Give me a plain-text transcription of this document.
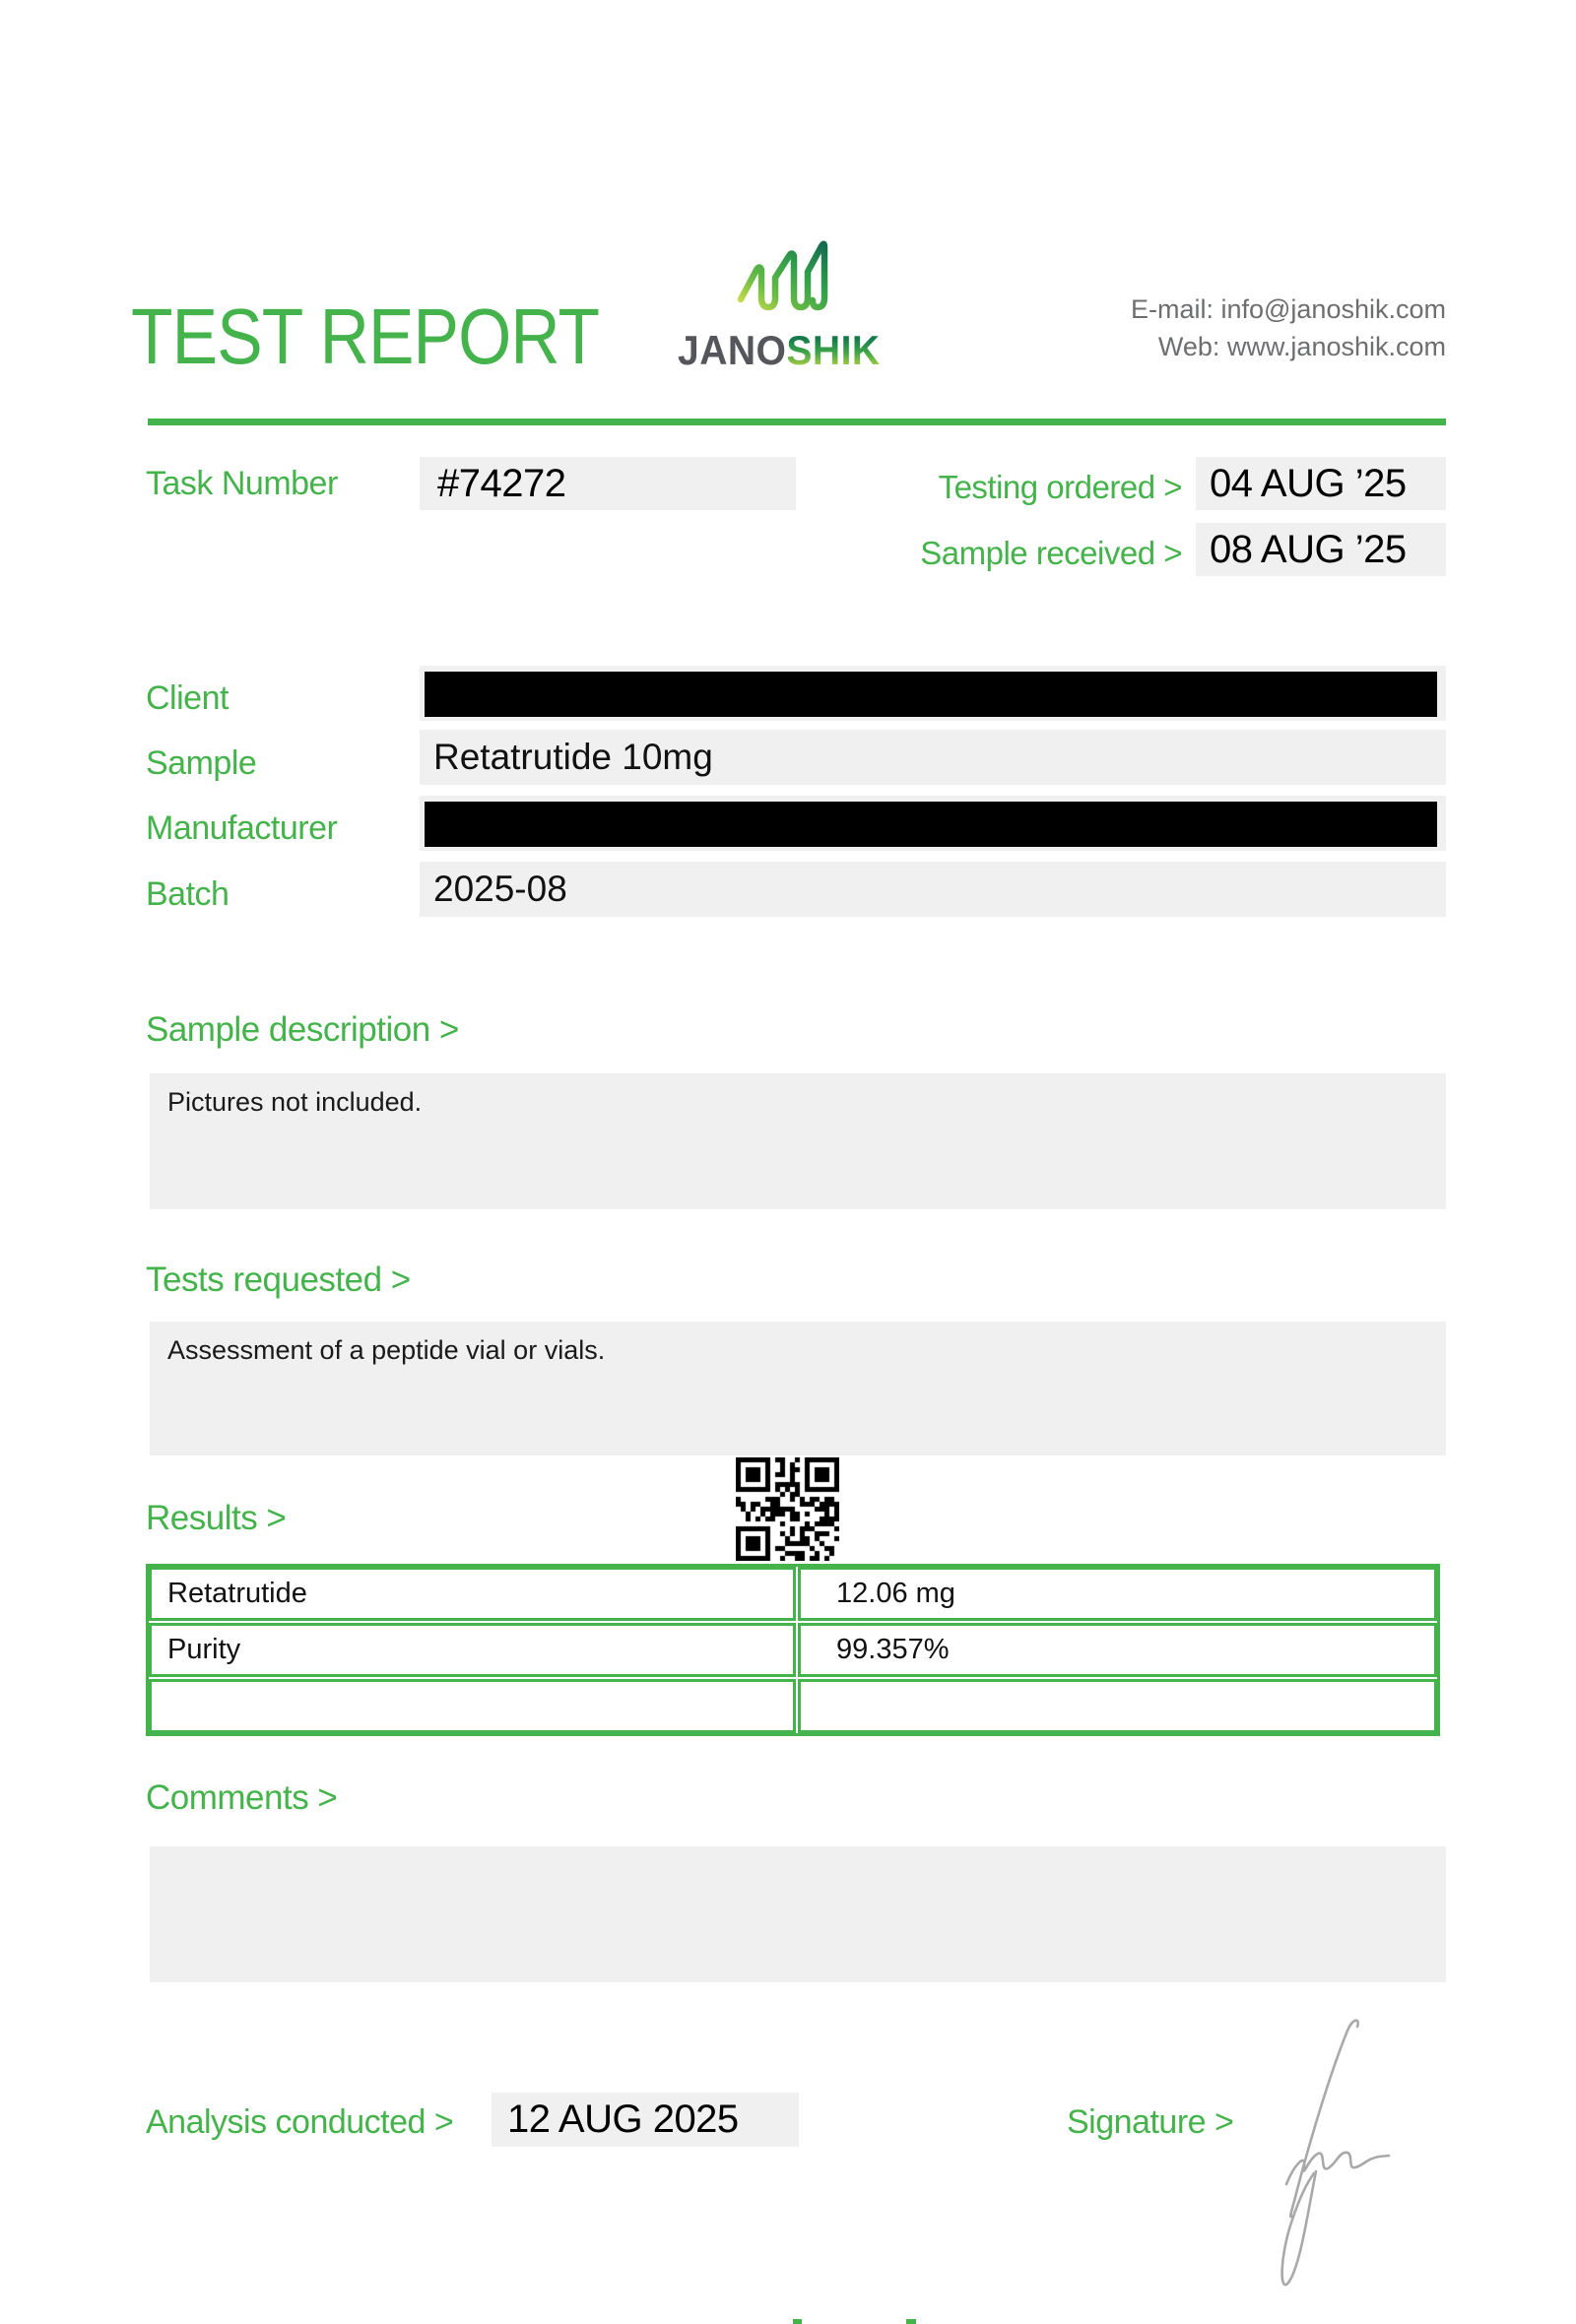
TEST REPORT JANOSHIK
E-mail: info@janoshik.com
Web: www.janoshik.com
Task Number	#74272	Testing ordered > 04 AUG ’25
Sample received > 08 AUG ’25
Client
Sample	Retatrutide 10mg
Manufacturer
Batch	2025-08
Sample description >
Pictures not included.
Tests requested >
Assessment of a peptide vial or vials.
Results >
Retatrutide	12.06 mg
Purity	99.357%
Comments >
Analysis conducted >	12 AUG 2025	Signature >
